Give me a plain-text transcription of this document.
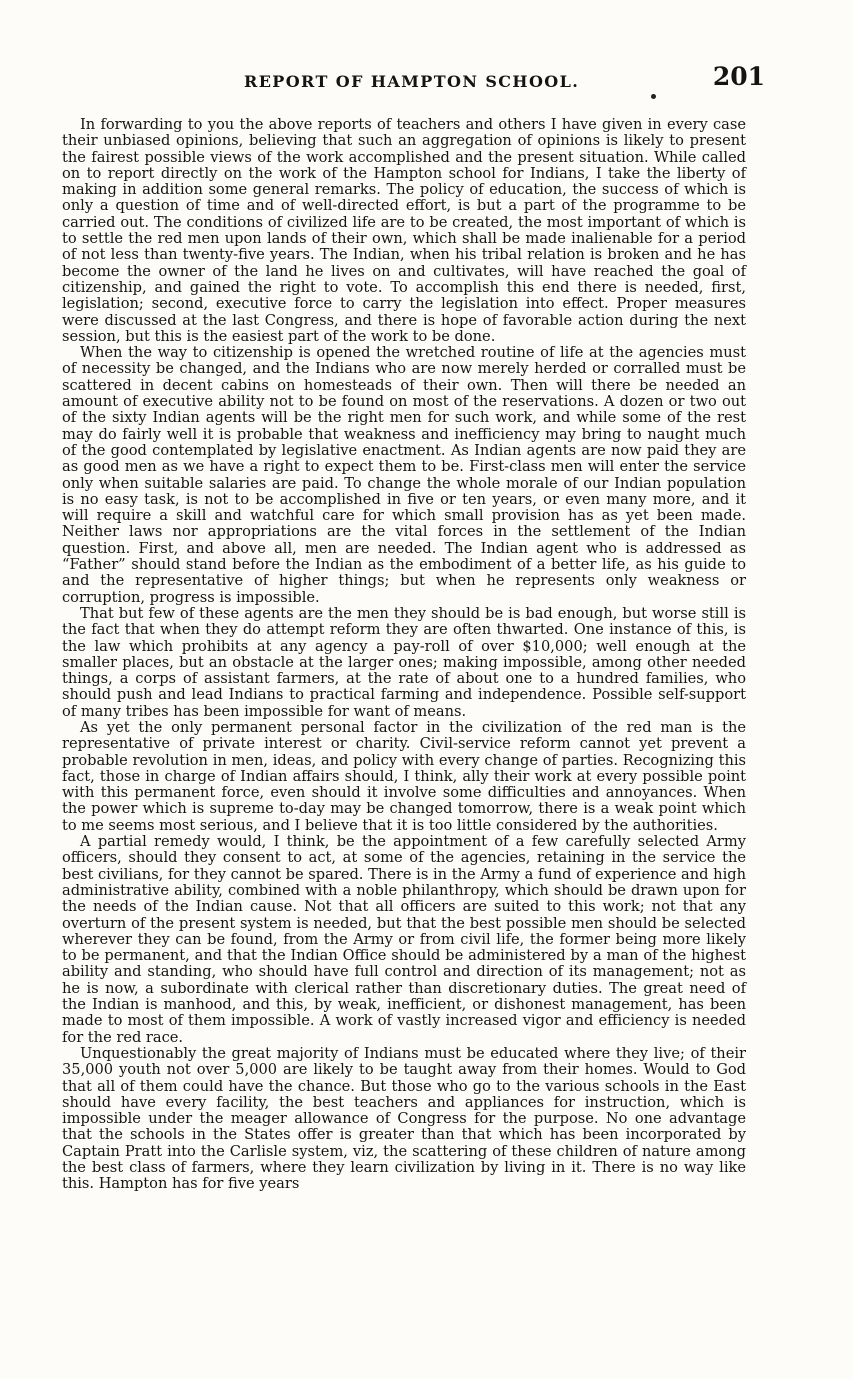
REPORT OF HAMPTON SCHOOL.	201

In forwarding to you the above reports of teachers and others I have given in every case their unbiased opinions, believing that such an aggregation of opinions is likely to present the fairest possible views of the work accomplished and the present situation. While called on to report directly on the work of the Hampton school for Indians, I take the liberty of making in addition some general remarks. The policy of education, the success of which is only a question of time and of well-directed effort, is but a part of the programme to be carried out. The conditions of civilized life are to be created, the most important of which is to settle the red men upon lands of their own, which shall be made inalienable for a period of not less than twenty-five years. The Indian, when his tribal relation is broken and he has become the owner of the land he lives on and cultivates, will have reached the goal of citizenship, and gained the right to vote. To accomplish this end there is needed, first, legislation; second, executive force to carry the legislation into effect. Proper measures were discussed at the last Congress, and there is hope of favorable action during the next session, but this is the easiest part of the work to be done.

When the way to citizenship is opened the wretched routine of life at the agencies must of necessity be changed, and the Indians who are now merely herded or corralled must be scattered in decent cabins on homesteads of their own. Then will there be needed an amount of executive ability not to be found on most of the reservations. A dozen or two out of the sixty Indian agents will be the right men for such work, and while some of the rest may do fairly well it is probable that weakness and inefficiency may bring to naught much of the good contemplated by legislative enactment. As Indian agents are now paid they are as good men as we have a right to expect them to be. First-class men will enter the service only when suitable salaries are paid. To change the whole morale of our Indian population is no easy task, is not to be accomplished in five or ten years, or even many more, and it will require a skill and watchful care for which small provision has as yet been made. Neither laws nor appropriations are the vital forces in the settlement of the Indian question. First, and above all, men are needed. The Indian agent who is addressed as “Father” should stand before the Indian as the embodiment of a better life, as his guide to and the representative of higher things; but when he represents only weakness or corruption, progress is impossible.

That but few of these agents are the men they should be is bad enough, but worse still is the fact that when they do attempt reform they are often thwarted. One instance of this, is the law which prohibits at any agency a pay-roll of over $10,000; well enough at the smaller places, but an obstacle at the larger ones; making impossible, among other needed things, a corps of assistant farmers, at the rate of about one to a hundred families, who should push and lead Indians to practical farming and independence. Possible self-support of many tribes has been impossible for want of means.

As yet the only permanent personal factor in the civilization of the red man is the representative of private interest or charity. Civil-service reform cannot yet prevent a probable revolution in men, ideas, and policy with every change of parties. Recognizing this fact, those in charge of Indian affairs should, I think, ally their work at every possible point with this permanent force, even should it involve some difficulties and annoyances. When the power which is supreme to-day may be changed tomorrow, there is a weak point which to me seems most serious, and I believe that it is too little considered by the authorities.

A partial remedy would, I think, be the appointment of a few carefully selected Army officers, should they consent to act, at some of the agencies, retaining in the service the best civilians, for they cannot be spared. There is in the Army a fund of experience and high administrative ability, combined with a noble philanthropy, which should be drawn upon for the needs of the Indian cause. Not that all officers are suited to this work; not that any overturn of the present system is needed, but that the best possible men should be selected wherever they can be found, from the Army or from civil life, the former being more likely to be permanent, and that the Indian Office should be administered by a man of the highest ability and standing, who should have full control and direction of its management; not as he is now, a subordinate with clerical rather than discretionary duties. The great need of the Indian is manhood, and this, by weak, inefficient, or dishonest management, has been made to most of them impossible. A work of vastly increased vigor and efficiency is needed for the red race.

Unquestionably the great majority of Indians must be educated where they live; of their 35,000 youth not over 5,000 are likely to be taught away from their homes. Would to God that all of them could have the chance. But those who go to the various schools in the East should have every facility, the best teachers and appliances for instruction, which is impossible under the meager allowance of Congress for the purpose. No one advantage that the schools in the States offer is greater than that which has been incorporated by Captain Pratt into the Carlisle system, viz, the scattering of these children of nature among the best class of farmers, where they learn civilization by living in it. There is no way like this. Hampton has for five years
